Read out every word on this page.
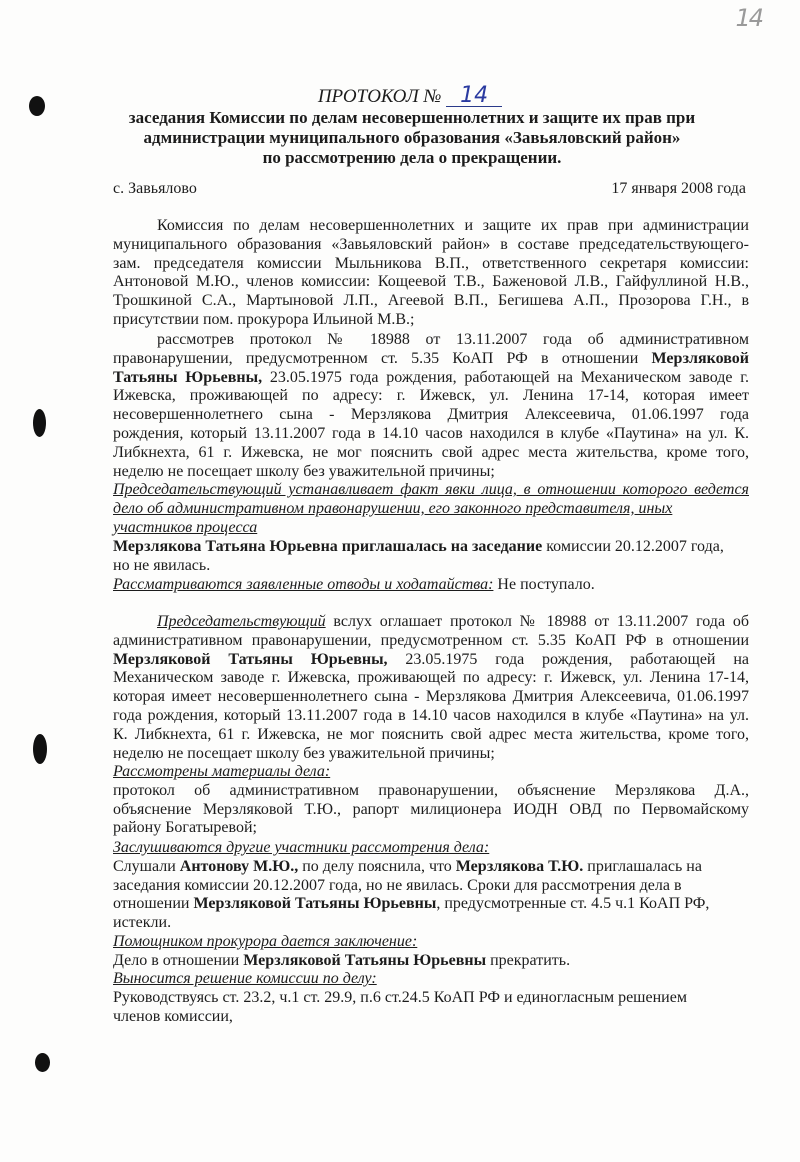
14
ПРОТОКОЛ № 14
заседания Комиссии по делам несовершеннолетних и защите их прав при
администрации муниципального образования «Завьяловский район»
по рассмотрению дела о прекращении.
с. Завьялово	17 января 2008 года
Комиссия по делам несовершеннолетних и защите их прав при администрации
муниципального образования «Завьяловский район» в составе председательствующего-
зам. председателя комиссии Мыльникова В.П., ответственного секретаря комиссии:
Антоновой М.Ю., членов комиссии: Кощеевой Т.В., Баженовой Л.В., Гайфуллиной Н.В.,
Трошкиной С.А., Мартыновой Л.П., Агеевой В.П., Бегишева А.П., Прозорова Г.Н., в
присутствии пом. прокурора Ильиной М.В.;
рассмотрев протокол № 18988 от 13.11.2007 года об административном
правонарушении, предусмотренном ст. 5.35 КоАП РФ в отношении Мерзляковой
Татьяны Юрьевны, 23.05.1975 года рождения, работающей на Механическом заводе г.
Ижевска, проживающей по адресу: г. Ижевск, ул. Ленина 17-14, которая имеет
несовершеннолетнего сына - Мерзлякова Дмитрия Алексеевича, 01.06.1997 года
рождения, который 13.11.2007 года в 14.10 часов находился в клубе «Паутина» на ул. К.
Либкнехта, 61 г. Ижевска, не мог пояснить свой адрес места жительства, кроме того,
неделю не посещает школу без уважительной причины;
Председательствующий устанавливает факт явки лица, в отношении которого ведется
дело об административном правонарушении, его законного представителя, иных
участников процесса
Мерзлякова Татьяна Юрьевна приглашалась на заседание комиссии 20.12.2007 года,
но не явилась.
Рассматриваются заявленные отводы и ходатайства: Не поступало.
Председательствующий вслух оглашает протокол № 18988 от 13.11.2007 года об
административном правонарушении, предусмотренном ст. 5.35 КоАП РФ в отношении
Мерзляковой Татьяны Юрьевны, 23.05.1975 года рождения, работающей на
Механическом заводе г. Ижевска, проживающей по адресу: г. Ижевск, ул. Ленина 17-14,
которая имеет несовершеннолетнего сына - Мерзлякова Дмитрия Алексеевича, 01.06.1997
года рождения, который 13.11.2007 года в 14.10 часов находился в клубе «Паутина» на ул.
К. Либкнехта, 61 г. Ижевска, не мог пояснить свой адрес места жительства, кроме того,
неделю не посещает школу без уважительной причины;
Рассмотрены материалы дела:
протокол об административном правонарушении, объяснение Мерзлякова Д.А.,
объяснение Мерзляковой Т.Ю., рапорт милиционера ИОДН ОВД по Первомайскому
району Богатыревой;
Заслушиваются другие участники рассмотрения дела:
Слушали Антонову М.Ю., по делу пояснила, что Мерзлякова Т.Ю. приглашалась на
заседания комиссии 20.12.2007 года, но не явилась. Сроки для рассмотрения дела в
отношении Мерзляковой Татьяны Юрьевны, предусмотренные ст. 4.5 ч.1 КоАП РФ,
истекли.
Помощником прокурора дается заключение:
Дело в отношении Мерзляковой Татьяны Юрьевны прекратить.
Выносится решение комиссии по делу:
Руководствуясь ст. 23.2, ч.1 ст. 29.9, п.6 ст.24.5 КоАП РФ и единогласным решением
членов комиссии,
